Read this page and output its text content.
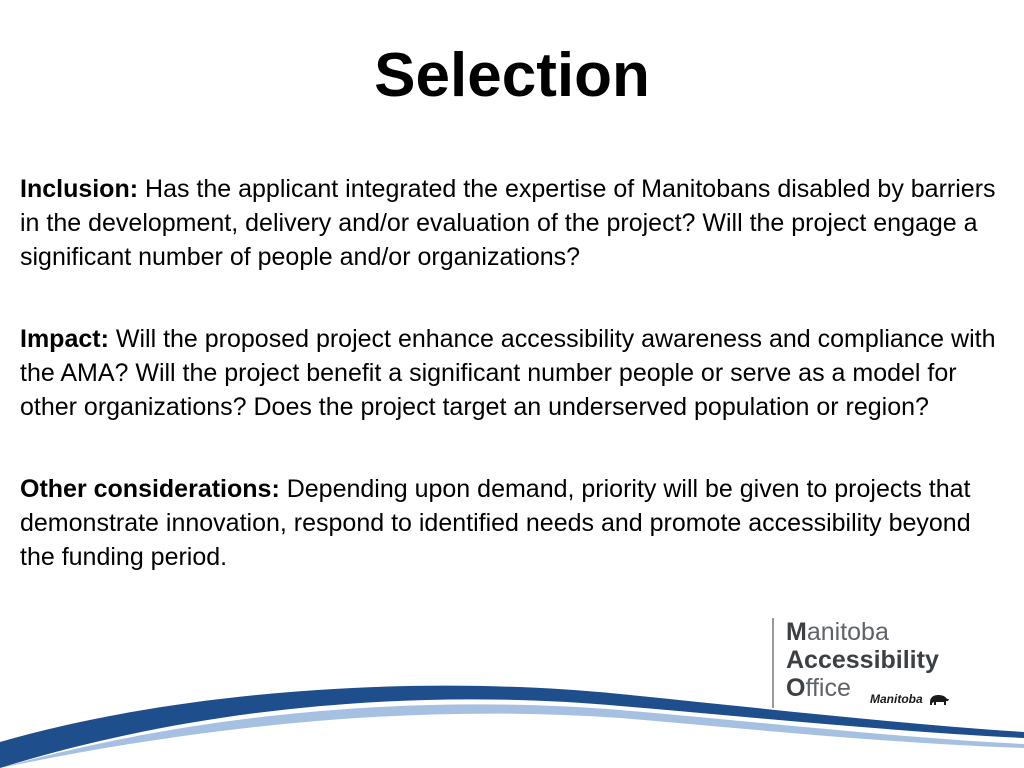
Selection

Inclusion: Has the applicant integrated the expertise of Manitobans disabled by barriers in the development, delivery and/or evaluation of the project? Will the project engage a significant number of people and/or organizations?

Impact: Will the proposed project enhance accessibility awareness and compliance with the AMA? Will the project benefit a significant number people or serve as a model for other organizations? Does the project target an underserved population or region?

Other considerations: Depending upon demand, priority will be given to projects that demonstrate innovation, respond to identified needs and promote accessibility beyond the funding period.

Manitoba
Accessibility
Office	Manitoba
